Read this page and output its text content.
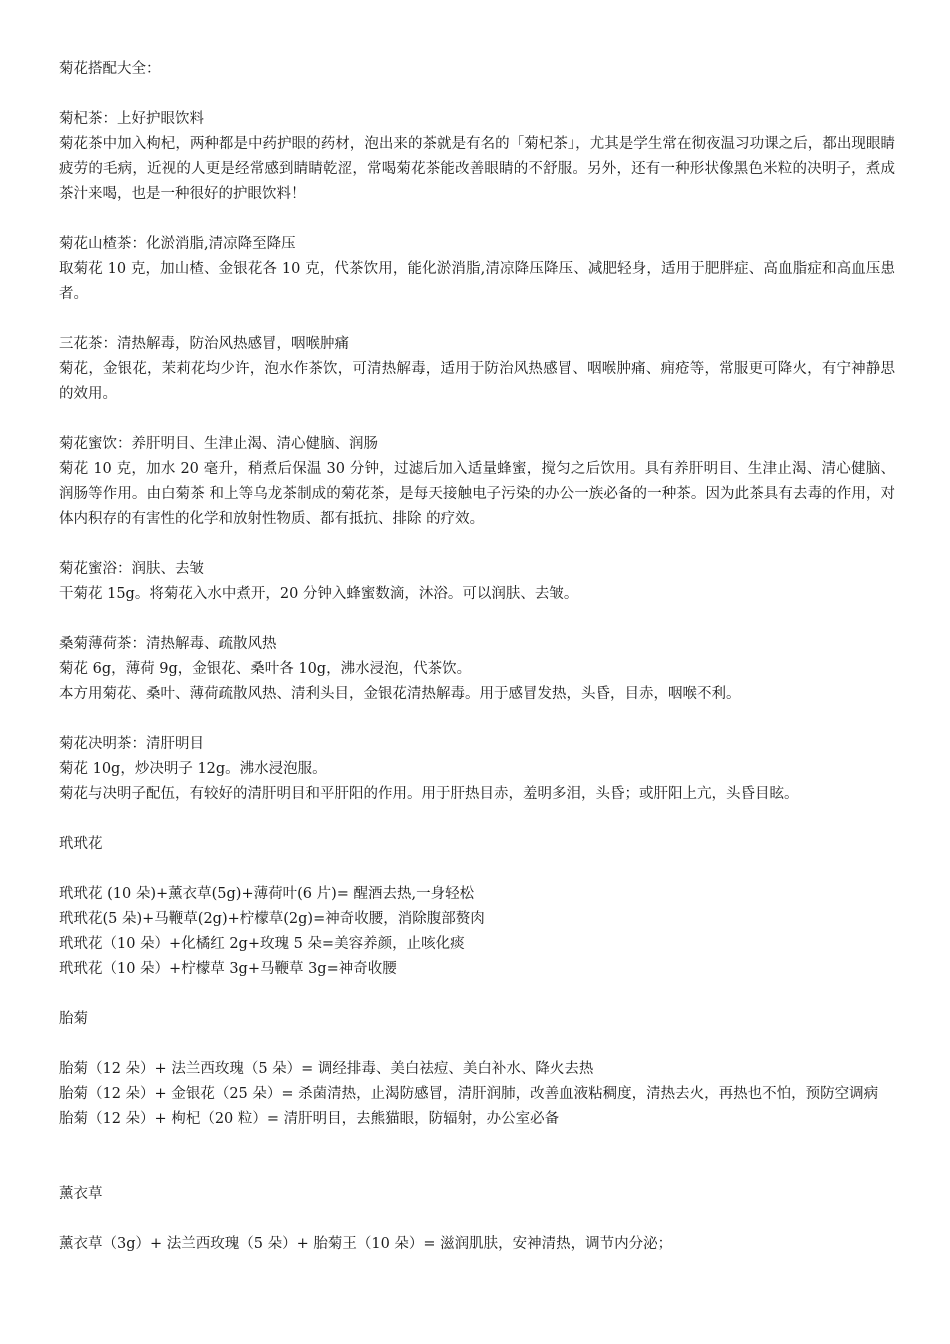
菊花搭配大全：
菊杞茶：上好护眼饮料

菊花茶中加入枸杞，两种都是中药护眼的药材，泡出来的茶就是有名的「菊杞茶」，尤其是学生常在彻夜温习功课之后，都出现眼睛疲劳的毛病，近视的人更是经常感到睛睛乾涩，常喝菊花茶能改善眼睛的不舒服。另外，还有一种形状像黑色米粒的决明子，煮成茶汁来喝，也是一种很好的护眼饮料！

菊花山楂茶：化淤消脂,清凉降至降压

取菊花 10 克，加山楂、金银花各 10 克，代茶饮用，能化淤消脂,清凉降压降压、减肥轻身，适用于肥胖症、高血脂症和高血压患者。

三花茶：清热解毒，防治风热感冒，咽喉肿痛

菊花，金银花，茉莉花均少许，泡水作茶饮，可清热解毒，适用于防治风热感冒、咽喉肿痛、痈疮等，常服更可降火，有宁神静思的效用。

菊花蜜饮：养肝明目、生津止渴、清心健脑、润肠

菊花 10 克，加水 20 毫升，稍煮后保温 30 分钟，过滤后加入适量蜂蜜，搅匀之后饮用。具有养肝明目、生津止渴、清心健脑、润肠等作用。由白菊茶 和上等乌龙茶制成的菊花茶，是每天接触电子污染的办公一族必备的一种茶。因为此茶具有去毒的作用，对体内积存的有害性的化学和放射性物质、都有抵抗、排除 的疗效。

菊花蜜浴：润肤、去皱

干菊花 15g。将菊花入水中煮开，20 分钟入蜂蜜数滴，沐浴。可以润肤、去皱。

桑菊薄荷茶：清热解毒、疏散风热
菊花 6g，薄荷 9g，金银花、桑叶各 10g，沸水浸泡，代茶饮。
本方用菊花、桑叶、薄荷疏散风热、清利头目，金银花清热解毒。用于感冒发热，头昏，目赤，咽喉不利。
菊花决明茶：清肝明目
菊花 10g，炒决明子 12g。沸水浸泡服。
菊花与决明子配伍，有较好的清肝明目和平肝阳的作用。用于肝热目赤，羞明多泪，头昏；或肝阳上亢，头昏目眩。
玳玳花
玳玳花 (10 朵)+薰衣草(5g)+薄荷叶(6 片)= 醒酒去热,一身轻松
玳玳花(5 朵)+马鞭草(2g)+柠檬草(2g)=神奇收腰，消除腹部赘肉
玳玳花（10 朵）+化橘红 2g+玫瑰 5 朵=美容养颜，止咳化痰
玳玳花（10 朵）+柠檬草 3g+马鞭草 3g=神奇收腰
胎菊
胎菊（12 朵）+ 法兰西玫瑰（5 朵）= 调经排毒、美白祛痘、美白补水、降火去热

胎菊（12 朵）+ 金银花（25 朵）= 杀菌清热，止渴防感冒，清肝润肺，改善血液粘稠度，清热去火，再热也不怕，预防空调病

胎菊（12 朵）+ 枸杞（20 粒）= 清肝明目，去熊猫眼，防辐射，办公室必备
薰衣草
薰衣草（3g）+ 法兰西玫瑰（5 朵）+ 胎菊王（10 朵）= 滋润肌肤，安神清热，调节内分泌；
